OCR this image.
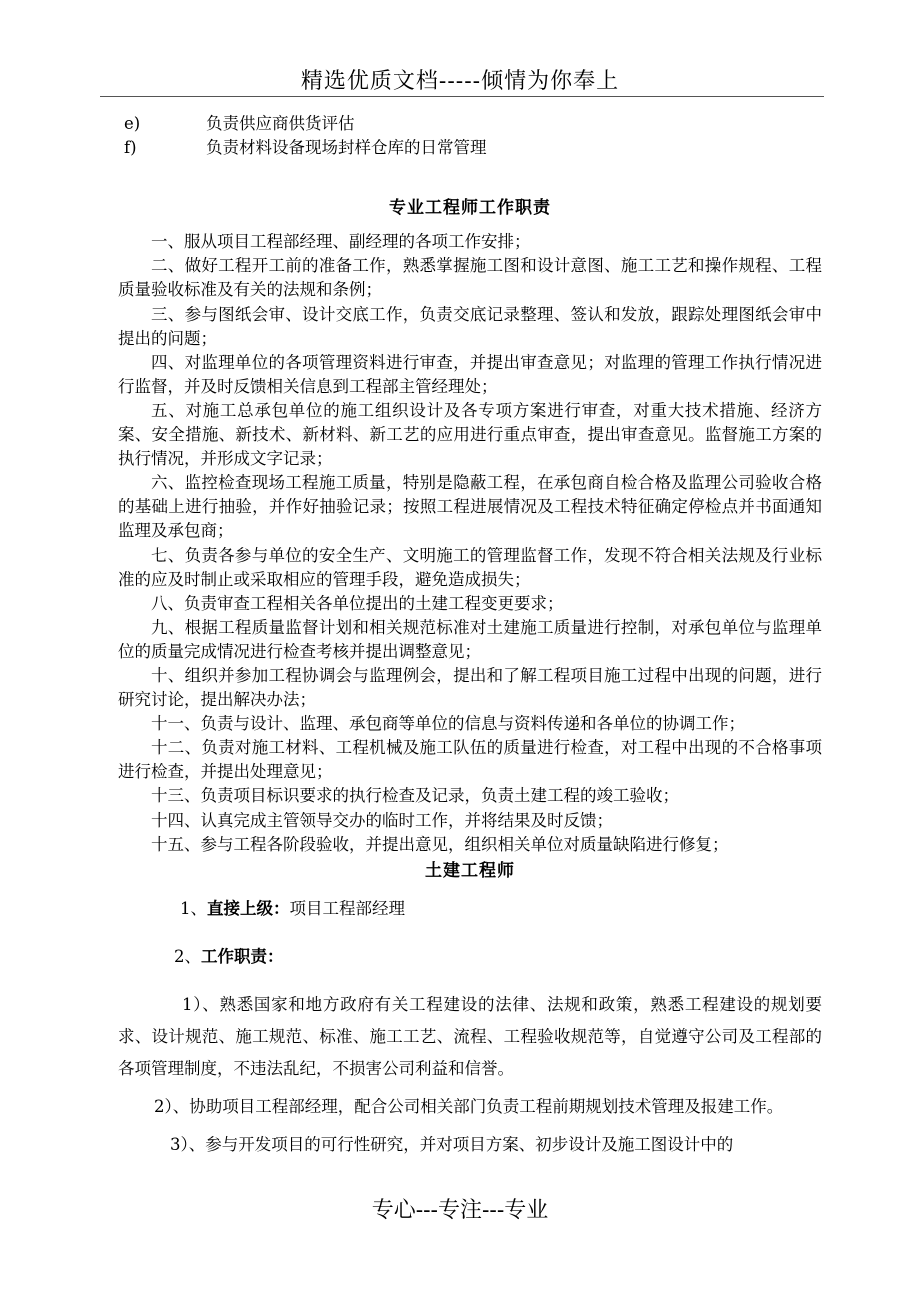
精选优质文档-----倾情为你奉上
e)	负责供应商供货评估
f)	负责材料设备现场封样仓库的日常管理
专业工程师工作职责
一、服从项目工程部经理、副经理的各项工作安排；
二、做好工程开工前的准备工作，熟悉掌握施工图和设计意图、施工工艺和操作规程、工程质量验收标准及有关的法规和条例；
三、参与图纸会审、设计交底工作，负责交底记录整理、签认和发放，跟踪处理图纸会审中提出的问题；
四、对监理单位的各项管理资料进行审查，并提出审查意见；对监理的管理工作执行情况进行监督，并及时反馈相关信息到工程部主管经理处；
五、对施工总承包单位的施工组织设计及各专项方案进行审查，对重大技术措施、经济方案、安全措施、新技术、新材料、新工艺的应用进行重点审查，提出审查意见。监督施工方案的执行情况，并形成文字记录；
六、监控检查现场工程施工质量，特别是隐蔽工程，在承包商自检合格及监理公司验收合格的基础上进行抽验，并作好抽验记录；按照工程进展情况及工程技术特征确定停检点并书面通知监理及承包商；
七、负责各参与单位的安全生产、文明施工的管理监督工作，发现不符合相关法规及行业标准的应及时制止或采取相应的管理手段，避免造成损失；
八、负责审查工程相关各单位提出的土建工程变更要求；
九、根据工程质量监督计划和相关规范标准对土建施工质量进行控制，对承包单位与监理单位的质量完成情况进行检查考核并提出调整意见；
十、组织并参加工程协调会与监理例会，提出和了解工程项目施工过程中出现的问题，进行研究讨论，提出解决办法；
十一、负责与设计、监理、承包商等单位的信息与资料传递和各单位的协调工作；
十二、负责对施工材料、工程机械及施工队伍的质量进行检查，对工程中出现的不合格事项进行检查，并提出处理意见；
十三、负责项目标识要求的执行检查及记录，负责土建工程的竣工验收；
十四、认真完成主管领导交办的临时工作，并将结果及时反馈；
十五、参与工程各阶段验收，并提出意见，组织相关单位对质量缺陷进行修复；
土建工程师
1、直接上级：项目工程部经理
2、工作职责：
1）、熟悉国家和地方政府有关工程建设的法律、法规和政策，熟悉工程建设的规划要求、设计规范、施工规范、标准、施工工艺、流程、工程验收规范等，自觉遵守公司及工程部的各项管理制度，不违法乱纪，不损害公司利益和信誉。
2）、协助项目工程部经理，配合公司相关部门负责工程前期规划技术管理及报建工作。
3）、参与开发项目的可行性研究，并对项目方案、初步设计及施工图设计中的
专心---专注---专业
